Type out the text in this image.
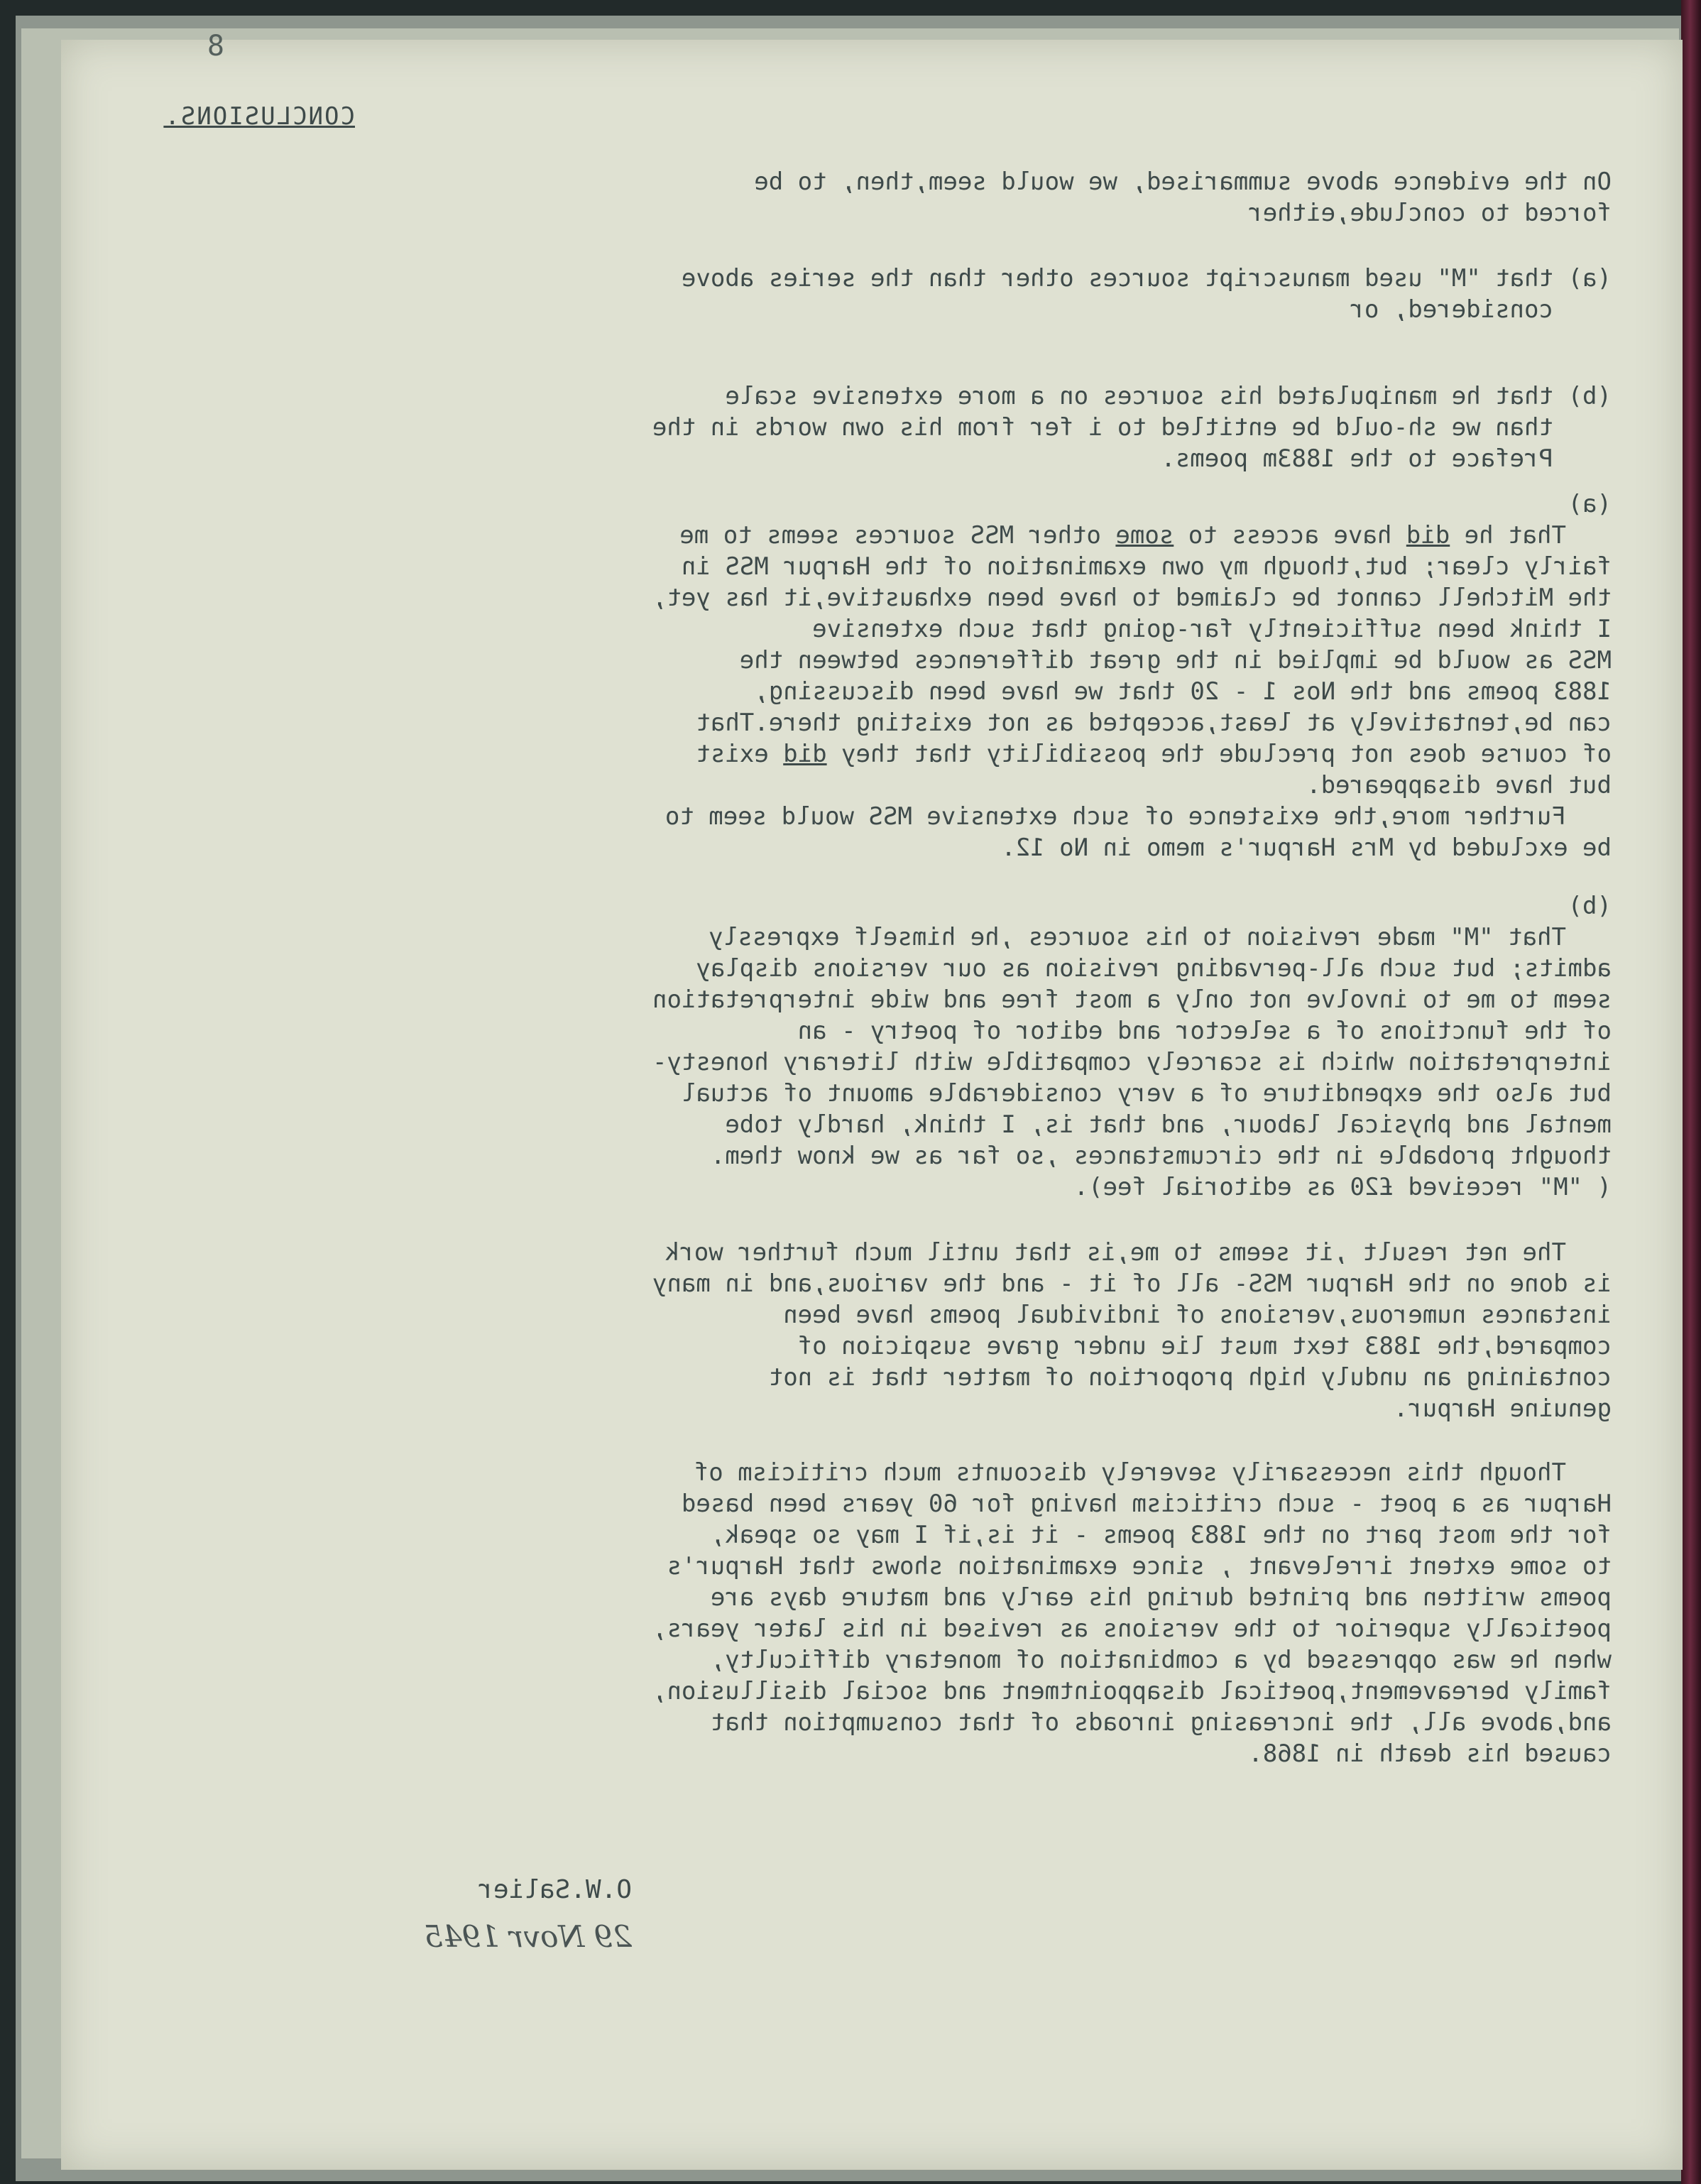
8
CONCLUSIONS.
On the evidence above summarised, we would seem,then, to be
forced to conclude,either
(a) that "M" used manuscript sources other than the series above
considered, or
(b) that he manipulated his sources on a more extensive scale
than we sh-ould be entitled to i fer from his own words in the
Preface to the 1883m poems.
(a)
That he did have access to some other MSS sources seems to me
fairly clear; but,though my own examination of the Harpur MSS in
the Mitchell cannot be claimed to have been exhaustive,it has yet,
I think been sufficiently far-going that such extensive
MSS as would be implied in the great differences between the
1883 poems and the Nos 1 - 20 that we have been discussing,
can be,tentatively at least,accepted as not existing there.That
of course does not preclude the possibility that they did exist
but have disappeared.
Further more,the existence of such extensive MSS would seem to
be excluded by Mrs Harpur's memo in No 12.
(b)
That "M" made revision to his sources ,he himself expressly
admits; but such all-pervading revision as our versions display
seem to me to involve not only a most free and wide interpretation
of the functions of a selector and editor of poetry - an
interpretation which is scarcely compatible with literary honesty-
but also the expenditure of a very considerable amount of actual
mental and physical labour, and that is, I think, hardly tobe
thought probable in the circumstances ,so far as we know them.
( "M" received £20 as editorial fee).
The net result ,it seems to me,is that until much further work
is done on the Harpur MSS- all of it - and the various,and in many
instances numerous,versions of individual poems have been
compared,the 1883 text must lie under grave suspicion of
containing an unduly high proportion of matter that is not
genuine Harpur.
Though this necessarily severely discounts much criticism of
Harpur as a poet - such criticism having for 60 years been based
for the most part on the 1883 poems - it is,if I may so speak,
to some extent irrelevant , since examination shows that Harpur's
poems written and printed during his early and mature days are
poetically superior to the versions as revised in his later years,
when he was oppressed by a combination of monetary difficulty,
family bereavement,poetical disappointment and social disillusion,
and,above all, the increasing inroads of that consumption that
caused his death in 1868.
O.W.Salier
29 Novr 1945
